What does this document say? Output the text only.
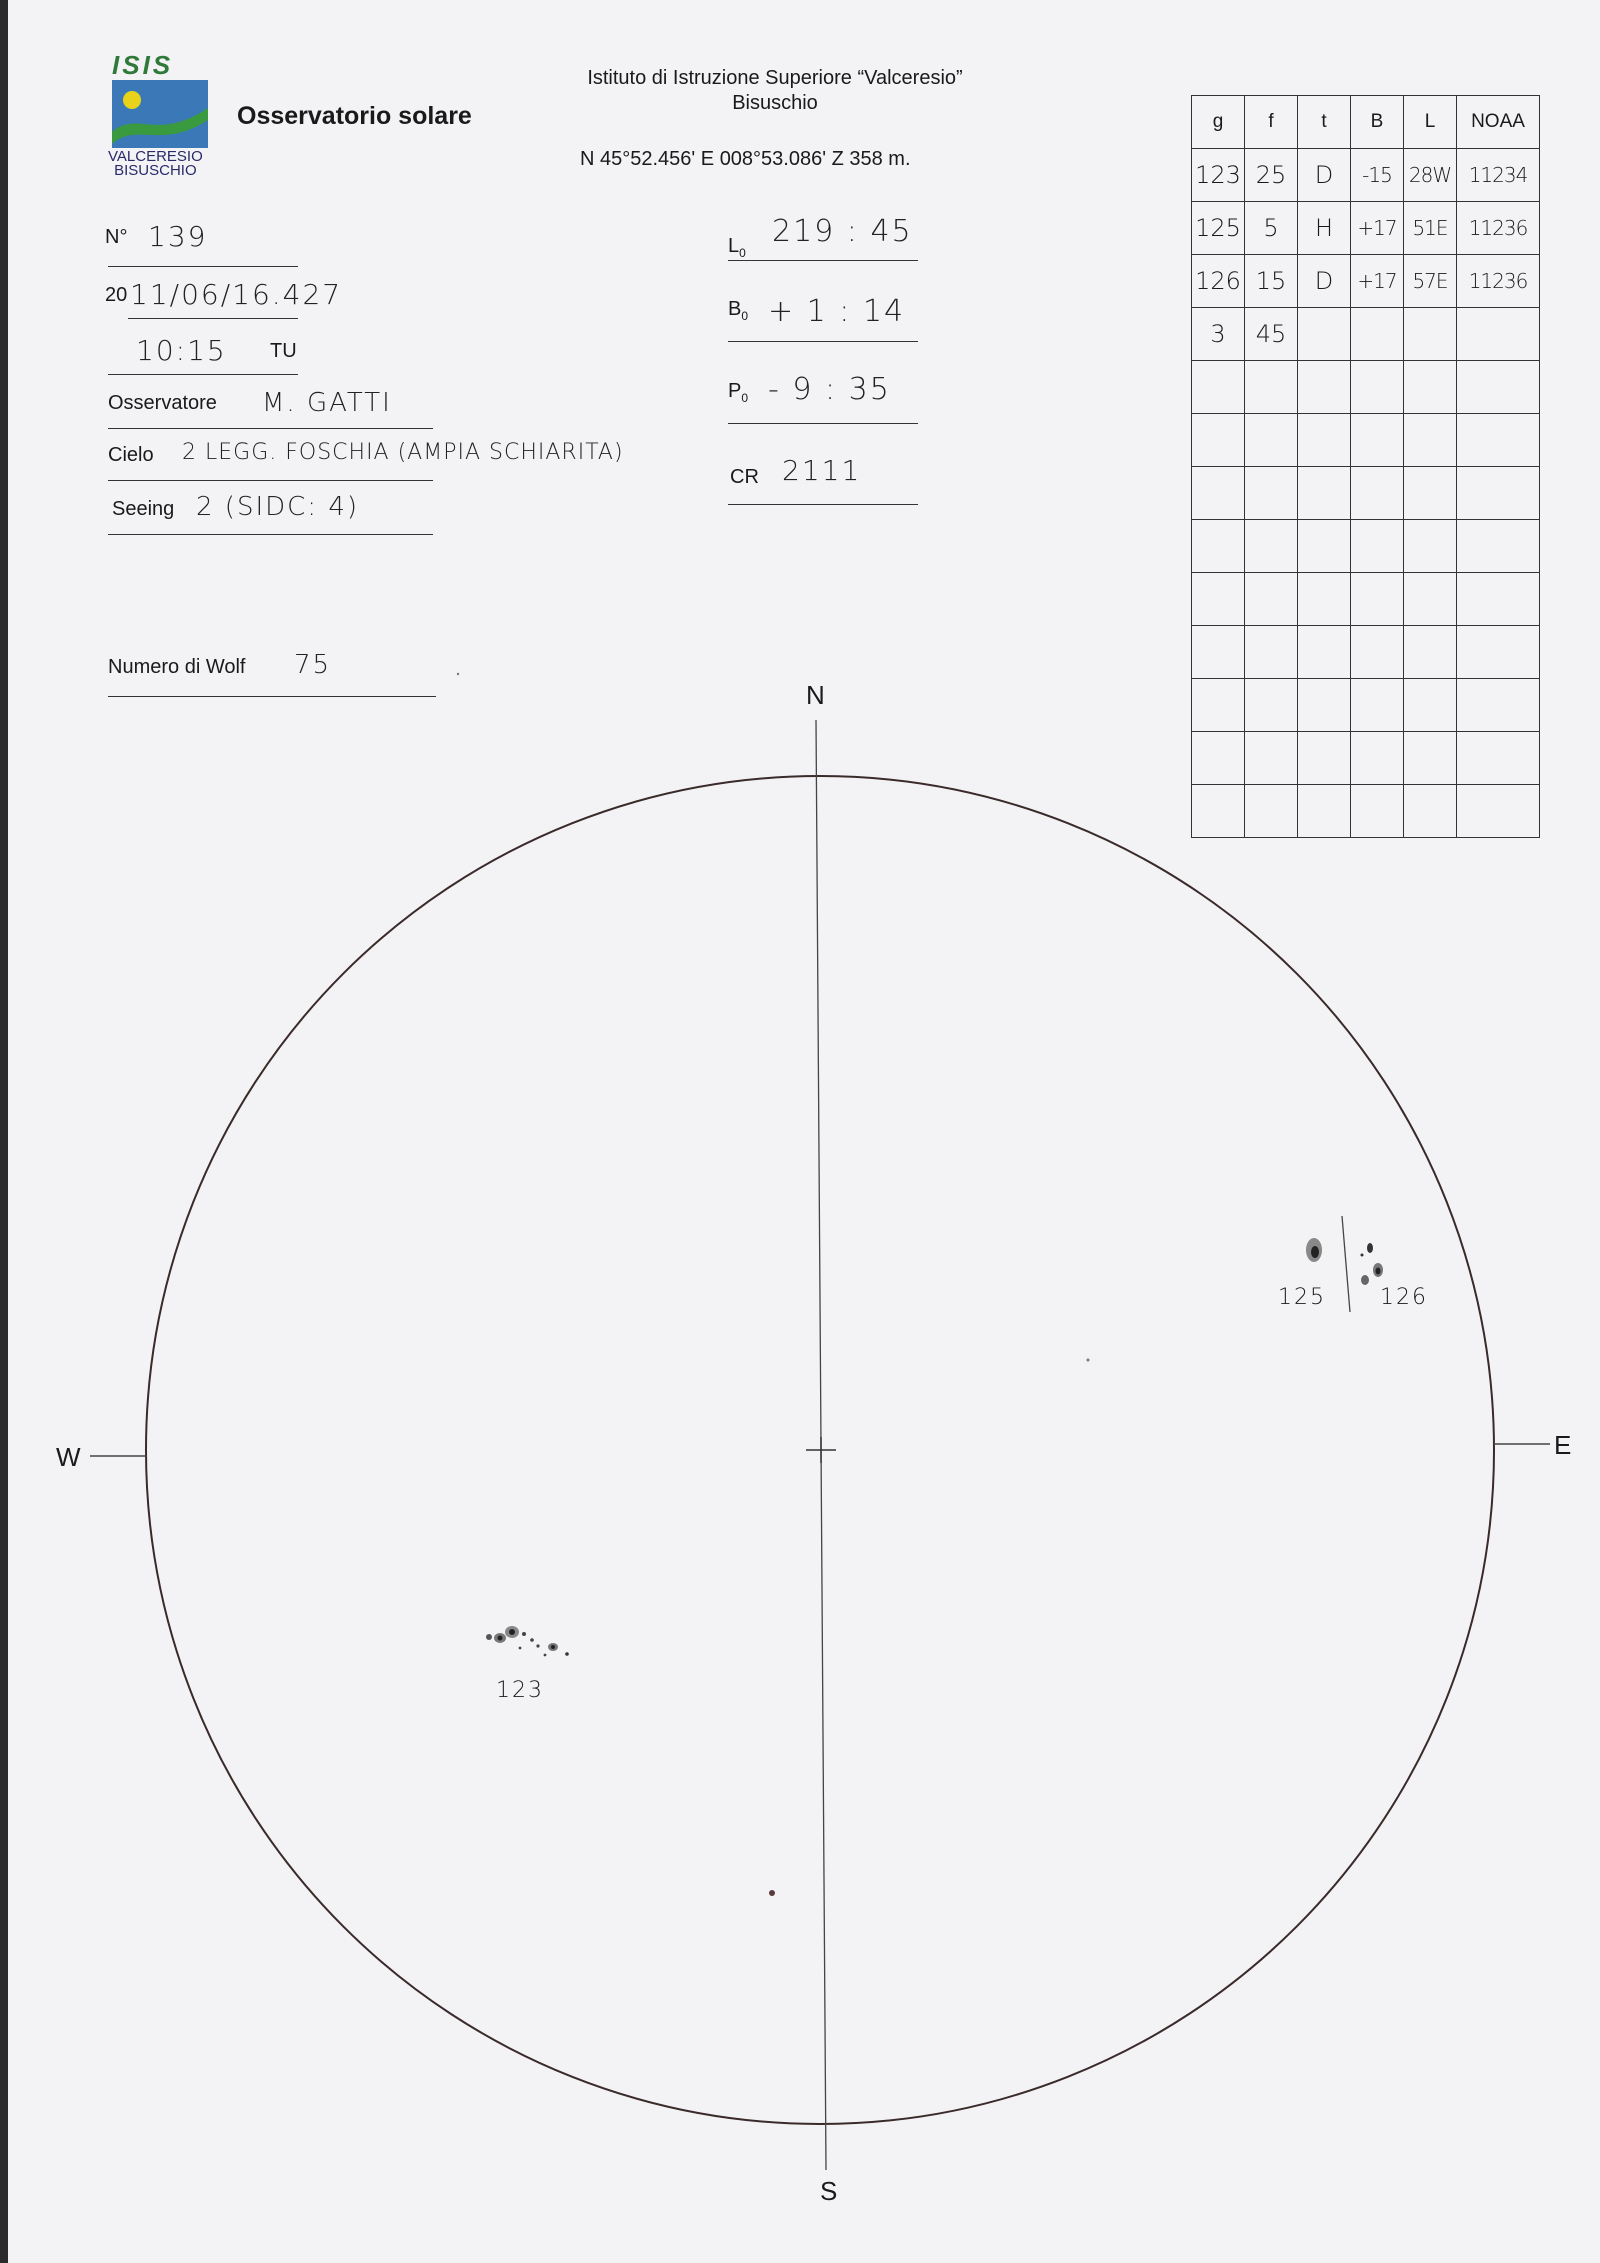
ISIS
VALCERESIO
BISUSCHIO
Osservatorio solare
Istituto di Istruzione Superiore “Valceresio”
Bisuschio
N 45°52.456' E 008°53.086' Z 358 m.
N° 139
20 11/06/16.427
10:15 TU
Osservatore M. GATTI
Cielo 2 LEGG. FOSCHIA (AMPIA SCHIARITA)
Seeing 2 (SIDC: 4)
Numero di Wolf 75
$L_0$
219 : 45
$B_0 + 1$ : 14
$P_0 - 9$ : 35
CR 2111
g	f	t	B	L	NOAA
123	25	D	-15	28W	11234
125	5	H	+17	51E	11236
126	15	D	+17	57E	11236
3	45				

N
S
W	E
125 126
123
